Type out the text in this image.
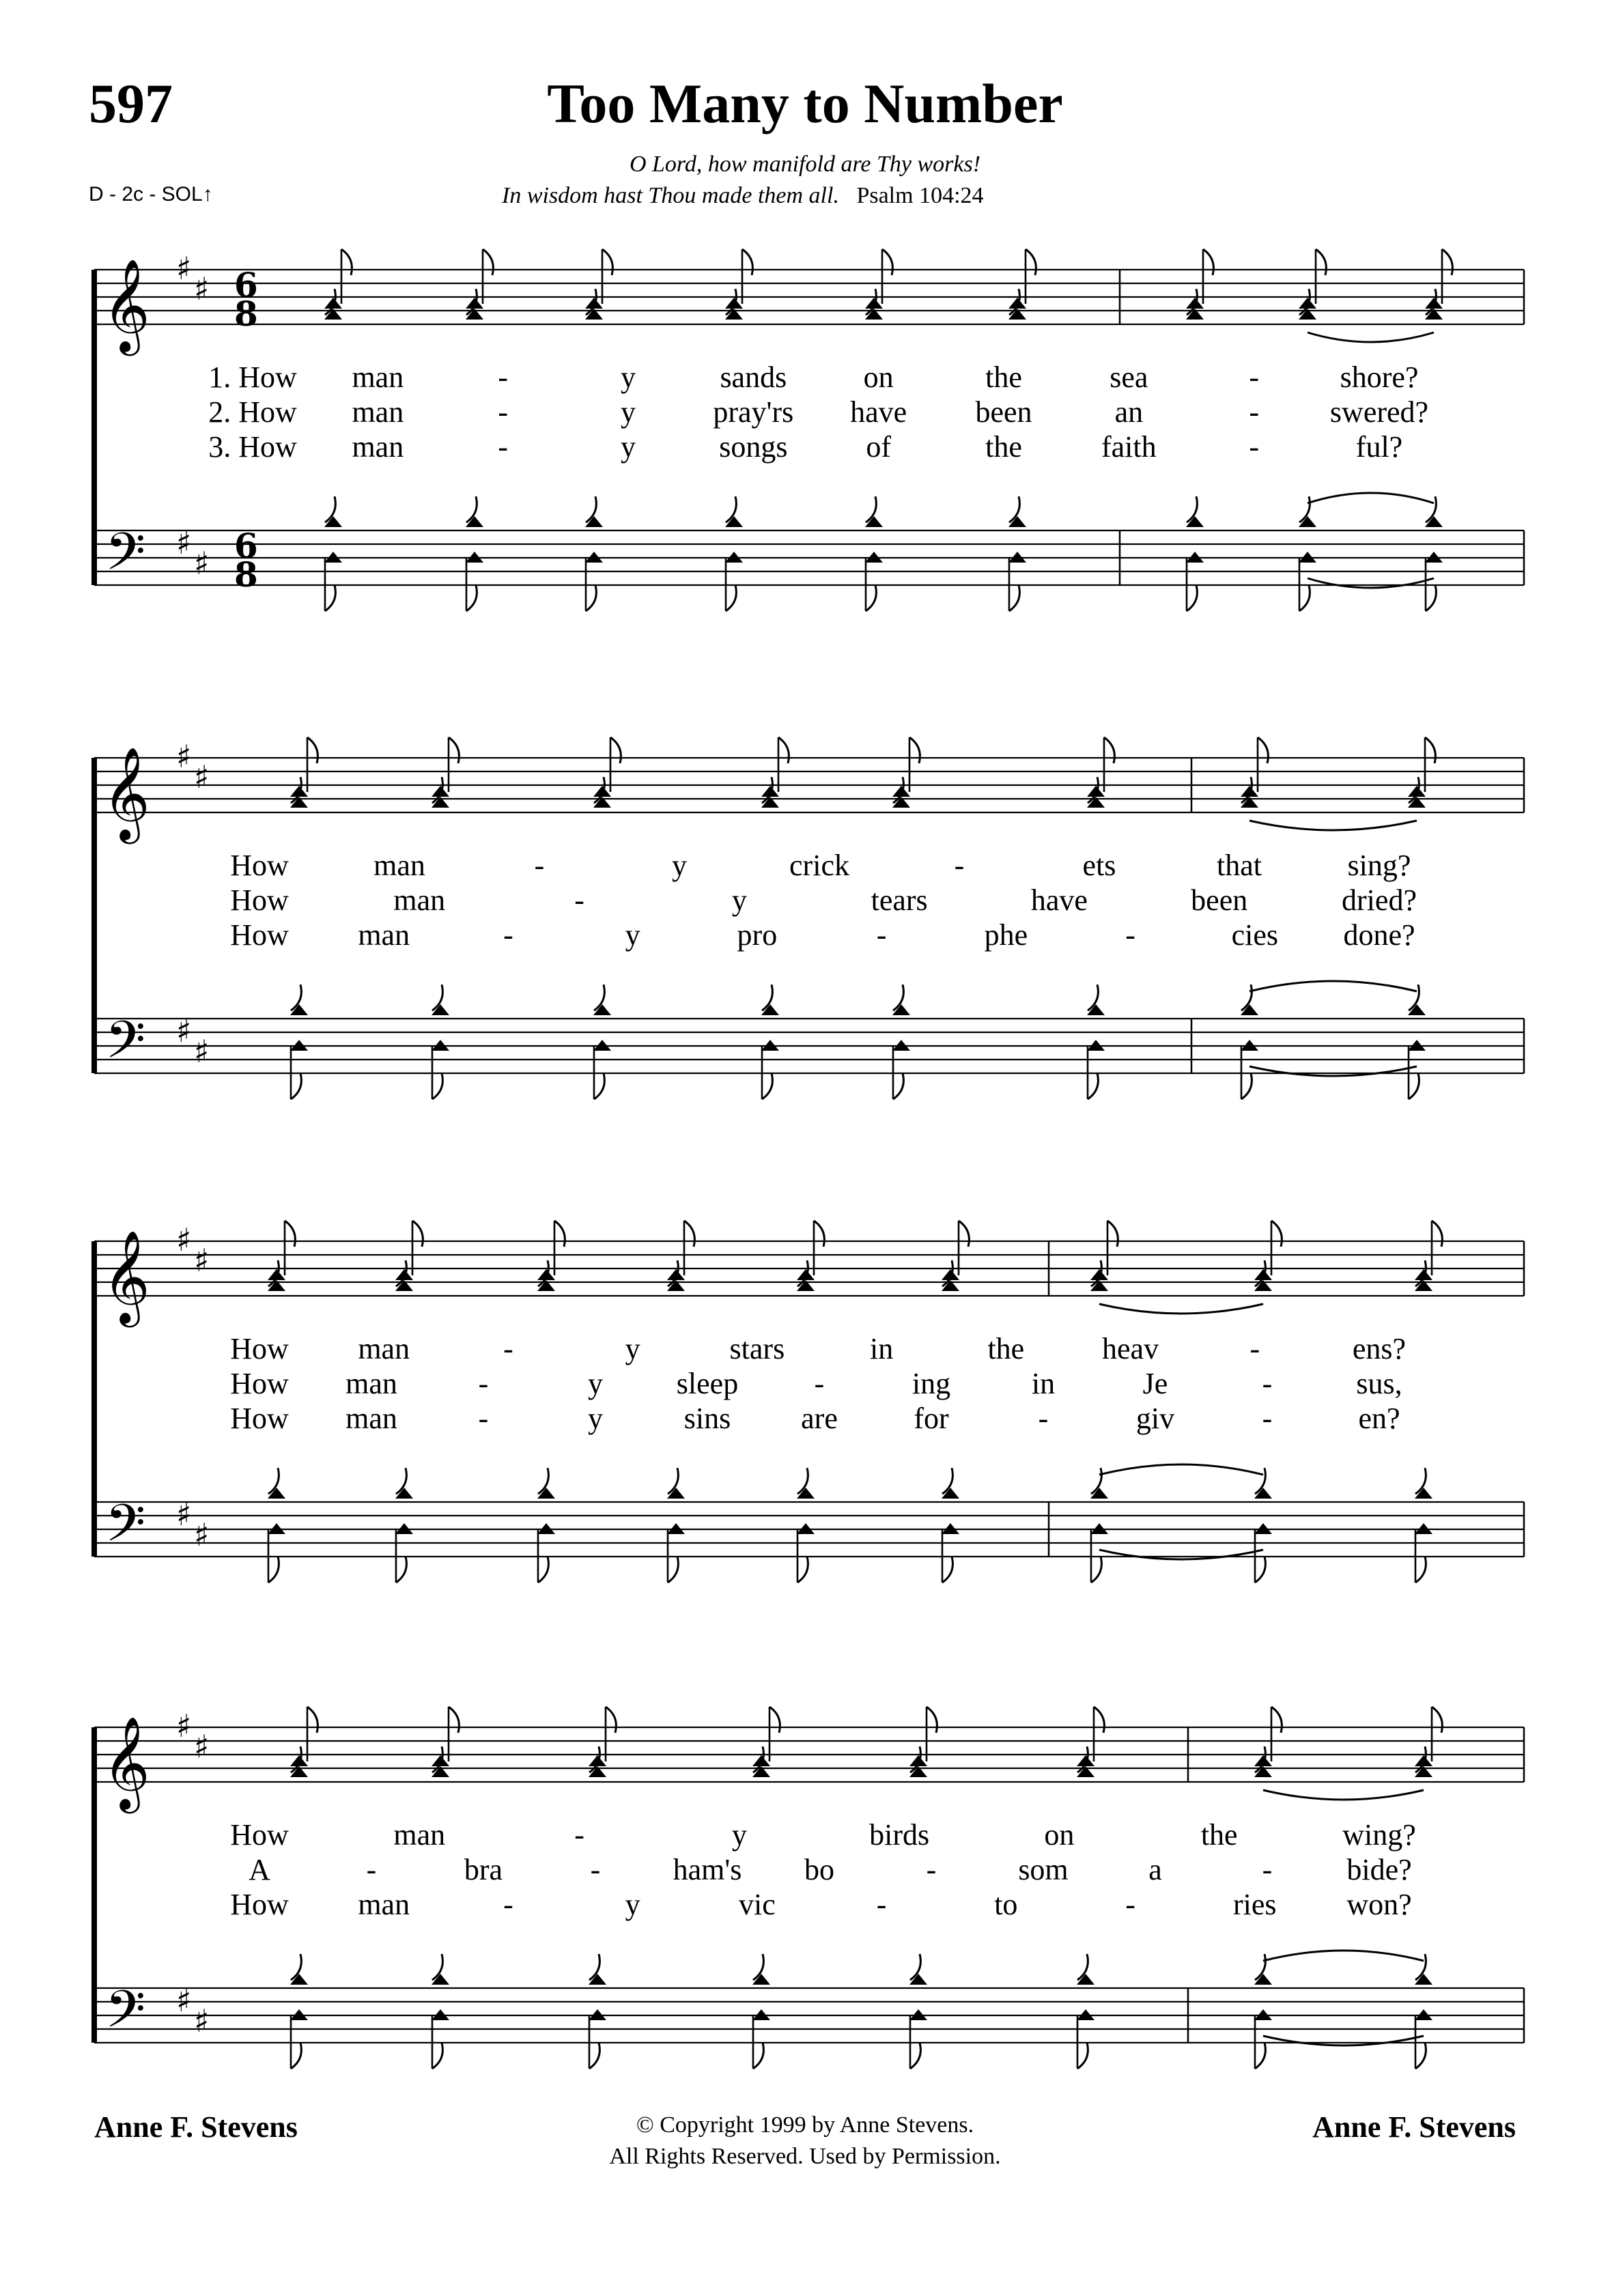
597	Too Many to Number
O Lord, how manifold are Thy works!
In wisdom hast Thou made them all. Psalm 104:24
D - 2c - SOL↑
𝄞
𝄢
♯
♯
♯
♯
6
8
6
8
1. How man	-	y	sands	on	the	sea	-	shore?
2. How man	-	y	pray'rs have been	an	- swered?
3. How man	-	y	songs	of	the	faith	-	ful?
𝄞
𝄢
♯
♯
♯
♯
How	man	-	y	crick	-	ets	that	sing?
How	man	-	y	tears	have	been	dried?
How man	-	y	pro	-	phe	-	cies done?
𝄞
𝄢
♯
♯
♯
♯
How man	-	y	stars	in	the	heav	-	ens?
How man	-	y sleep	-	ing	in	Je	-	sus,
How man	-	y	sins are	for	-	giv	-	en?
𝄞
𝄢
♯
♯
♯
♯
How	man	-	y	birds	on	the	wing?
A	-	bra	- ham's bo	-	som	a	- bide?
How man	-	y	vic	-	to	-	ries won?
Anne F. Stevens	© Copyright 1999 by Anne Stevens.
All Rights Reserved. Used by Permission.
Anne F. Stevens
